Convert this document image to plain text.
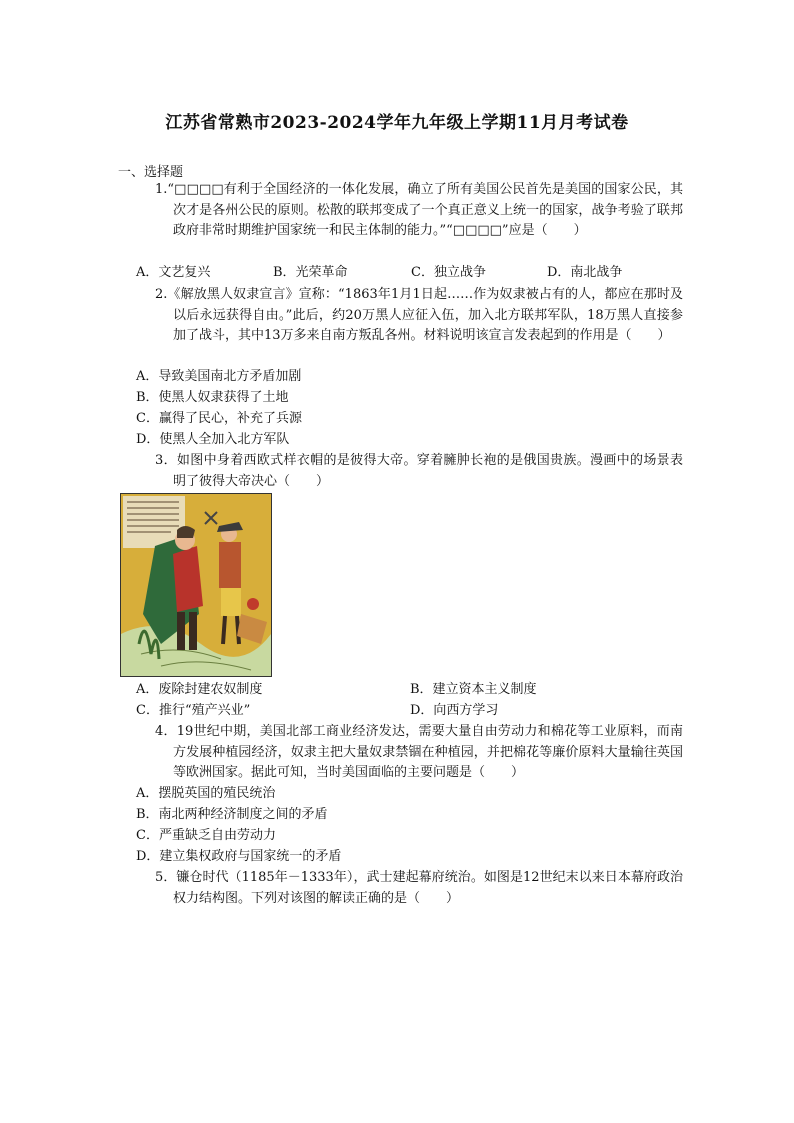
江苏省常熟市2023-2024学年九年级上学期11月月考试卷
一、选择题
1.“□□□□有利于全国经济的一体化发展，确立了所有美国公民首先是美国的国家公民，其次才是各州公民的原则。松散的联邦变成了一个真正意义上统一的国家，战争考验了联邦政府非常时期维护国家统一和民主体制的能力。”“□□□□”应是（　　）
A．文艺复兴	B．光荣革命	C．独立战争	D．南北战争
2.《解放黑人奴隶宣言》宣称：“1863年1月1日起……作为奴隶被占有的人，都应在那时及以后永远获得自由。”此后，约20万黑人应征入伍，加入北方联邦军队，18万黑人直接参加了战斗，其中13万多来自南方叛乱各州。材料说明该宣言发表起到的作用是（　　）
A．导致美国南北方矛盾加剧
B．使黑人奴隶获得了土地
C．赢得了民心，补充了兵源
D．使黑人全加入北方军队
3．如图中身着西欧式样衣帽的是彼得大帝。穿着臃肿长袍的是俄国贵族。漫画中的场景表明了彼得大帝决心（　　）
A．废除封建农奴制度	B．建立资本主义制度
C．推行“殖产兴业”	D．向西方学习
4．19世纪中期，美国北部工商业经济发达，需要大量自由劳动力和棉花等工业原料，而南方发展种植园经济，奴隶主把大量奴隶禁锢在种植园，并把棉花等廉价原料大量输往英国等欧洲国家。据此可知，当时美国面临的主要问题是（　　）
A．摆脱英国的殖民统治
B．南北两种经济制度之间的矛盾
C．严重缺乏自由劳动力
D．建立集权政府与国家统一的矛盾
5．镰仓时代（1185年－1333年），武士建起幕府统治。如图是12世纪末以来日本幕府政治权力结构图。下列对该图的解读正确的是（　　）
